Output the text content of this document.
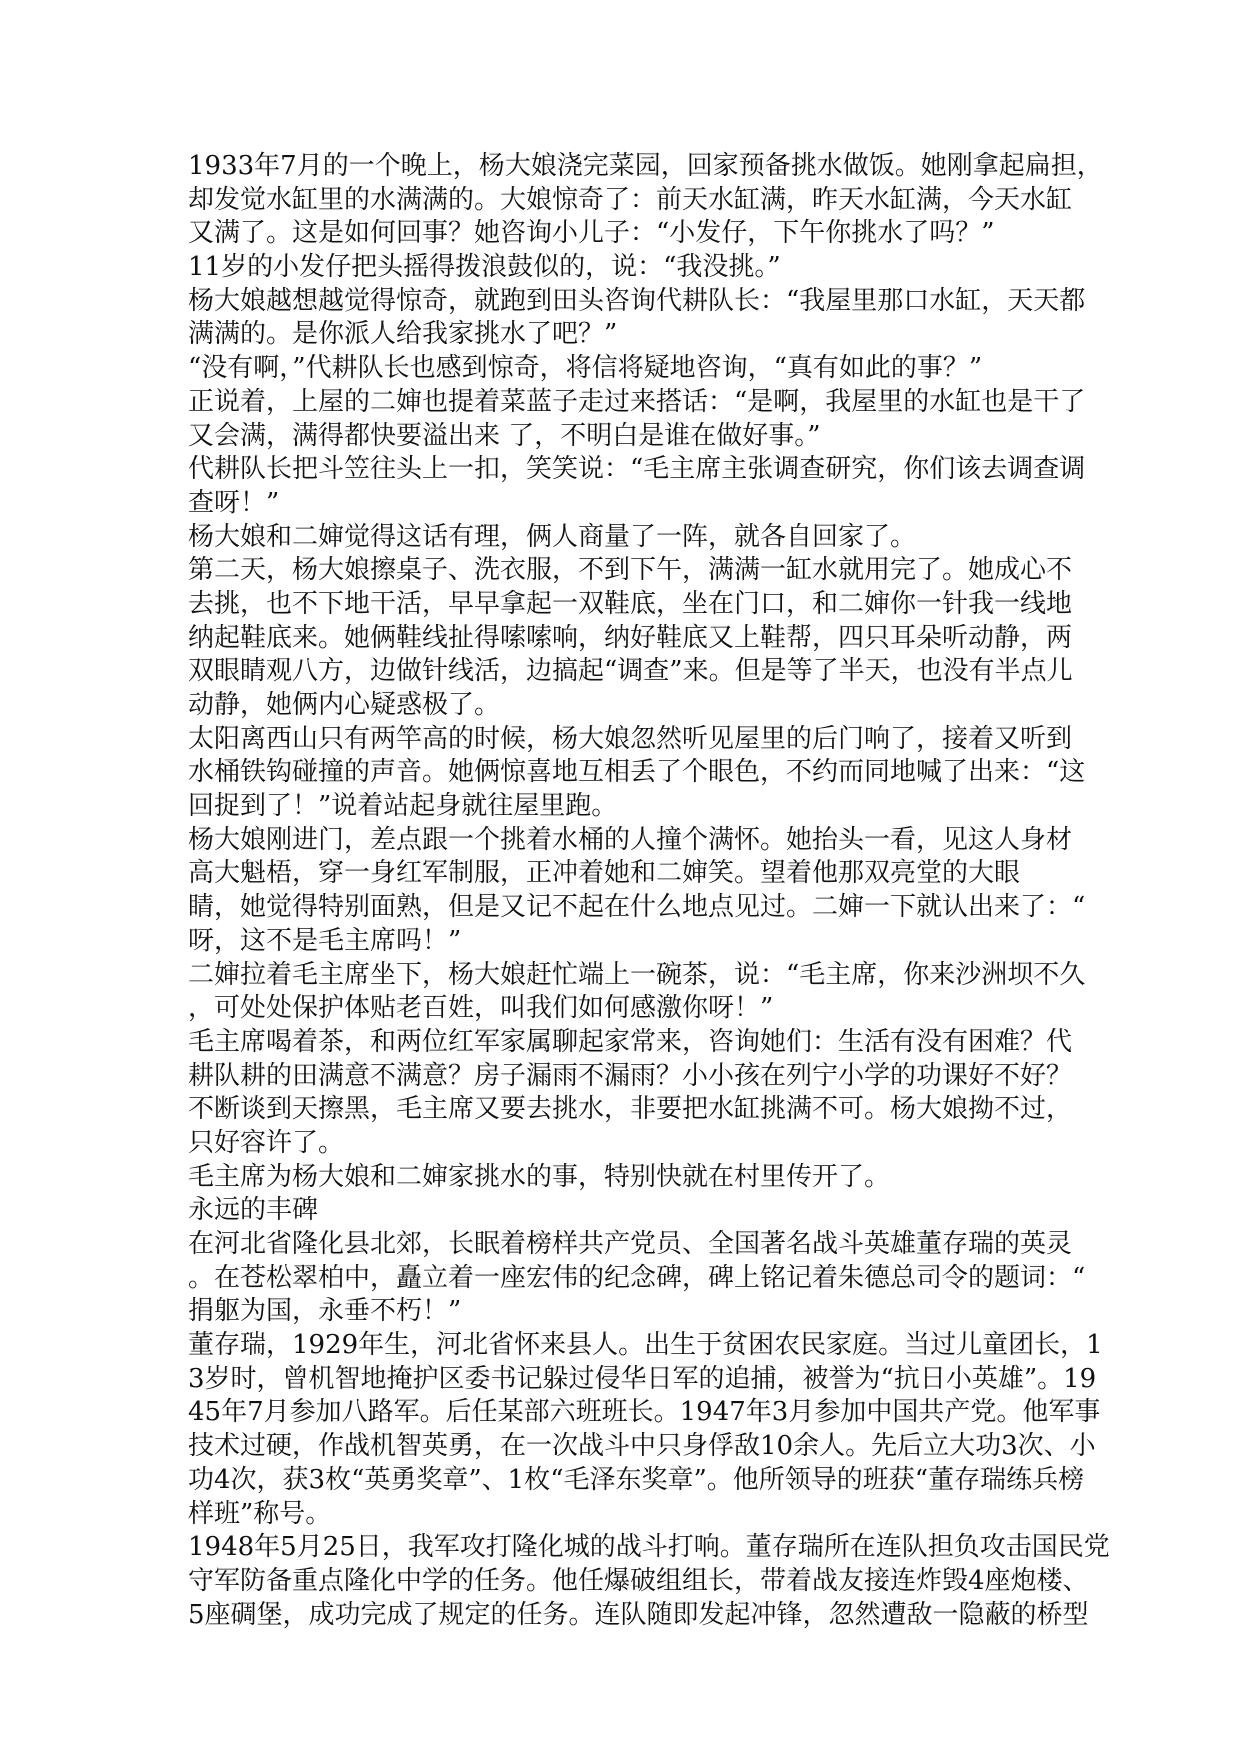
1933年7月的一个晚上，杨大娘浇完菜园，回家预备挑水做饭。她刚拿起扁担，
却发觉水缸里的水满满的。大娘惊奇了：前天水缸满，昨天水缸满，今天水缸
又满了。这是如何回事？她咨询小儿子：“小发仔，下午你挑水了吗？”
11岁的小发仔把头摇得拨浪鼓似的，说：“我没挑。”
杨大娘越想越觉得惊奇，就跑到田头咨询代耕队长：“我屋里那口水缸，天天都
满满的。是你派人给我家挑水了吧？”
“没有啊，”代耕队长也感到惊奇，将信将疑地咨询，“真有如此的事？”
正说着，上屋的二婶也提着菜蓝子走过来搭话：“是啊，我屋里的水缸也是干了
又会满，满得都快要溢出来 了，不明白是谁在做好事。”
代耕队长把斗笠往头上一扣，笑笑说：“毛主席主张调查研究，你们该去调查调
查呀！”
杨大娘和二婶觉得这话有理，俩人商量了一阵，就各自回家了。
第二天，杨大娘擦桌子、洗衣服，不到下午，满满一缸水就用完了。她成心不
去挑，也不下地干活，早早拿起一双鞋底，坐在门口，和二婶你一针我一线地
纳起鞋底来。她俩鞋线扯得嗦嗦响，纳好鞋底又上鞋帮，四只耳朵听动静，两
双眼睛观八方，边做针线活，边搞起“调查”来。但是等了半天，也没有半点儿
动静，她俩内心疑惑极了。
太阳离西山只有两竿高的时候，杨大娘忽然听见屋里的后门响了，接着又听到
水桶铁钩碰撞的声音。她俩惊喜地互相丢了个眼色，不约而同地喊了出来：“这
回捉到了！”说着站起身就往屋里跑。
杨大娘刚进门，差点跟一个挑着水桶的人撞个满怀。她抬头一看，见这人身材
高大魁梧，穿一身红军制服，正冲着她和二婶笑。望着他那双亮堂的大眼
睛，她觉得特别面熟，但是又记不起在什么地点见过。二婶一下就认出来了：“
呀，这不是毛主席吗！”
二婶拉着毛主席坐下，杨大娘赶忙端上一碗茶，说：“毛主席，你来沙洲坝不久
，可处处保护体贴老百姓，叫我们如何感激你呀！”
毛主席喝着茶，和两位红军家属聊起家常来，咨询她们：生活有没有困难？代
耕队耕的田满意不满意？房子漏雨不漏雨？小小孩在列宁小学的功课好不好？
不断谈到天擦黑，毛主席又要去挑水，非要把水缸挑满不可。杨大娘拗不过，
只好容许了。
毛主席为杨大娘和二婶家挑水的事，特别快就在村里传开了。
永远的丰碑
在河北省隆化县北郊，长眠着榜样共产党员、全国著名战斗英雄董存瑞的英灵
。在苍松翠柏中，矗立着一座宏伟的纪念碑，碑上铭记着朱德总司令的题词：“
捐躯为国，永垂不朽！”
董存瑞，1929年生，河北省怀来县人。出生于贫困农民家庭。当过儿童团长，1
3岁时，曾机智地掩护区委书记躲过侵华日军的追捕，被誉为“抗日小英雄”。19
45年7月参加八路军。后任某部六班班长。1947年3月参加中国共产党。他军事
技术过硬，作战机智英勇，在一次战斗中只身俘敌10余人。先后立大功3次、小
功4次，获3枚“英勇奖章”、1枚“毛泽东奖章”。他所领导的班获“董存瑞练兵榜
样班”称号。
1948年5月25日，我军攻打隆化城的战斗打响。董存瑞所在连队担负攻击国民党
守军防备重点隆化中学的任务。他任爆破组组长，带着战友接连炸毁4座炮楼、
5座碉堡，成功完成了规定的任务。连队随即发起冲锋，忽然遭敌一隐蔽的桥型
